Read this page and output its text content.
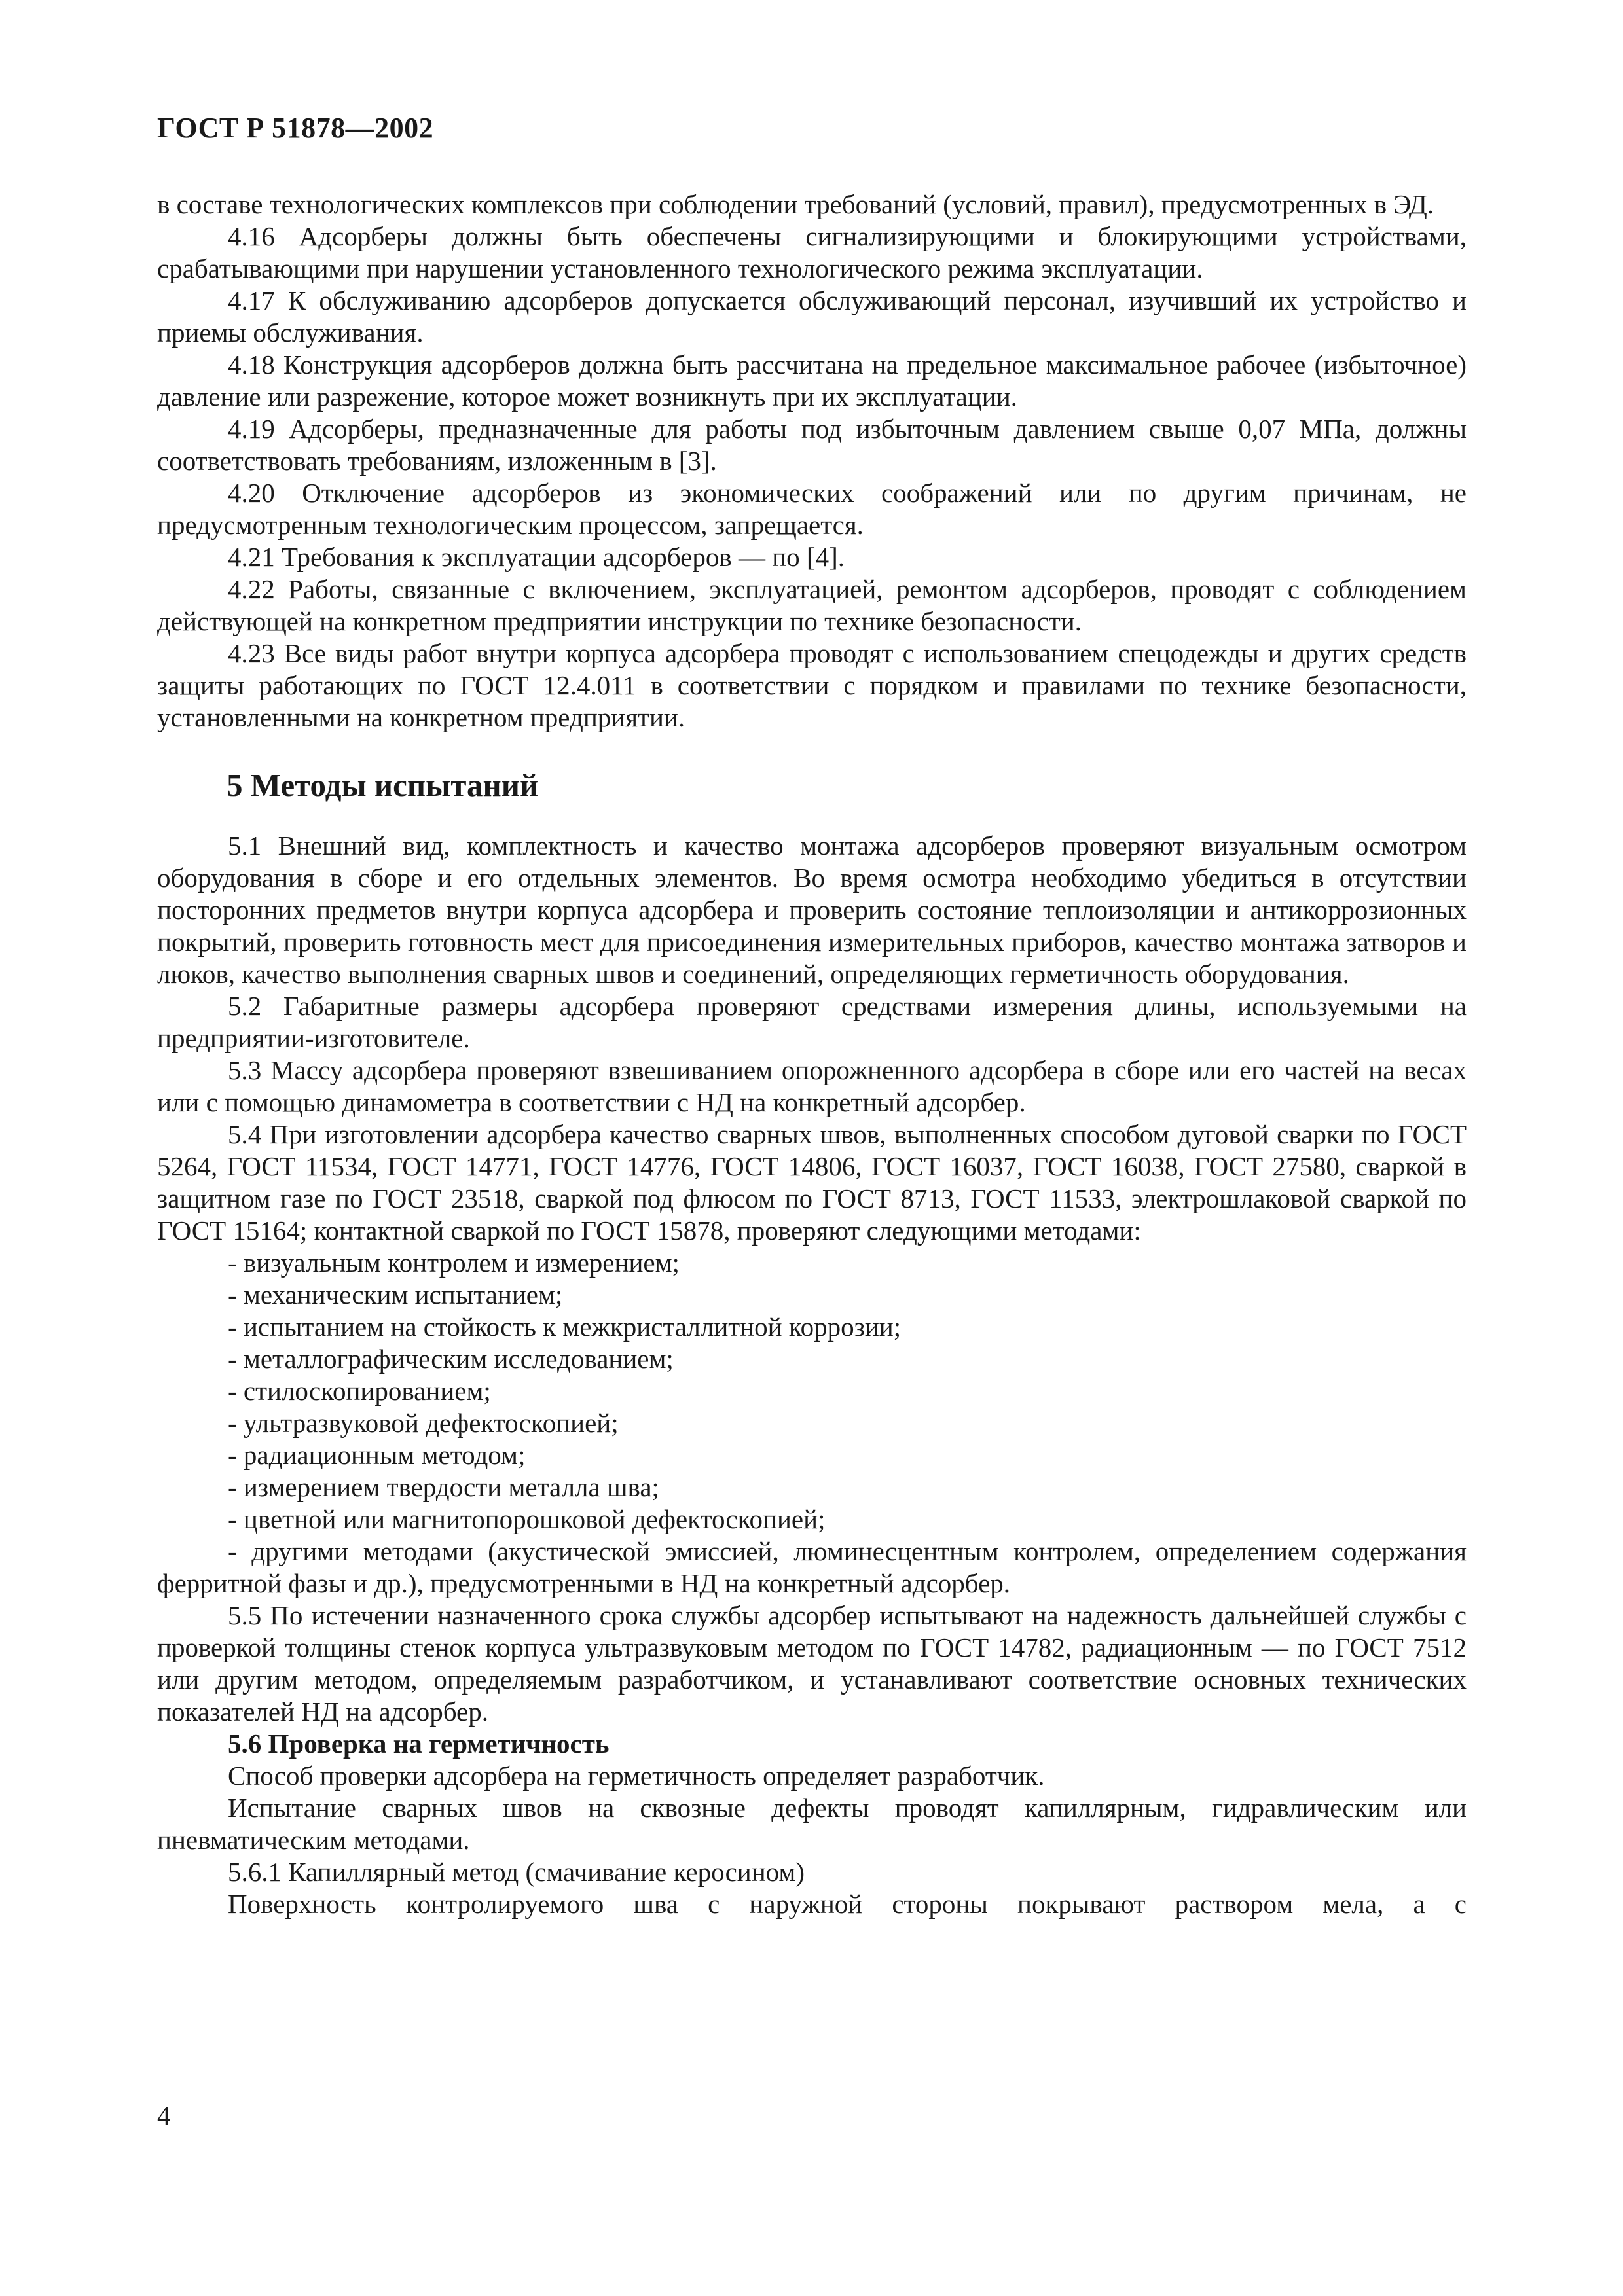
ГОСТ Р 51878—2002

в составе технологических комплексов при соблюдении требований (условий, правил), предусмотренных в ЭД.

4.16 Адсорберы должны быть обеспечены сигнализирующими и блокирующими устройствами, срабатывающими при нарушении установленного технологического режима эксплуатации.

4.17 К обслуживанию адсорберов допускается обслуживающий персонал, изучивший их устройство и приемы обслуживания.

4.18 Конструкция адсорберов должна быть рассчитана на предельное максимальное рабочее (избыточное) давление или разрежение, которое может возникнуть при их эксплуатации.

4.19 Адсорберы, предназначенные для работы под избыточным давлением свыше 0,07 МПа, должны соответствовать требованиям, изложенным в [3].

4.20 Отключение адсорберов из экономических соображений или по другим причинам, не предусмотренным технологическим процессом, запрещается.

4.21 Требования к эксплуатации адсорберов — по [4].

4.22 Работы, связанные с включением, эксплуатацией, ремонтом адсорберов, проводят с соблюдением действующей на конкретном предприятии инструкции по технике безопасности.

4.23 Все виды работ внутри корпуса адсорбера проводят с использованием спецодежды и других средств защиты работающих по ГОСТ 12.4.011 в соответствии с порядком и правилами по технике безопасности, установленными на конкретном предприятии.

5 Методы испытаний

5.1 Внешний вид, комплектность и качество монтажа адсорберов проверяют визуальным осмотром оборудования в сборе и его отдельных элементов. Во время осмотра необходимо убедиться в отсутствии посторонних предметов внутри корпуса адсорбера и проверить состояние теплоизоляции и антикоррозионных покрытий, проверить готовность мест для присоединения измерительных приборов, качество монтажа затворов и люков, качество выполнения сварных швов и соединений, определяющих герметичность оборудования.

5.2 Габаритные размеры адсорбера проверяют средствами измерения длины, используемыми на предприятии-изготовителе.

5.3 Массу адсорбера проверяют взвешиванием опорожненного адсорбера в сборе или его частей на весах или с помощью динамометра в соответствии с НД на конкретный адсорбер.

5.4 При изготовлении адсорбера качество сварных швов, выполненных способом дуговой сварки по ГОСТ 5264, ГОСТ 11534, ГОСТ 14771, ГОСТ 14776, ГОСТ 14806, ГОСТ 16037, ГОСТ 16038, ГОСТ 27580, сваркой в защитном газе по ГОСТ 23518, сваркой под флюсом по ГОСТ 8713, ГОСТ 11533, электрошлаковой сваркой по ГОСТ 15164; контактной сваркой по ГОСТ 15878, проверяют следующими методами:

- визуальным контролем и измерением;
- механическим испытанием;
- испытанием на стойкость к межкристаллитной коррозии;
- металлографическим исследованием;
- стилоскопированием;
- ультразвуковой дефектоскопией;
- радиационным методом;
- измерением твердости металла шва;
- цветной или магнитопорошковой дефектоскопией;

- другими методами (акустической эмиссией, люминесцентным контролем, определением содержания ферритной фазы и др.), предусмотренными в НД на конкретный адсорбер.

5.5 По истечении назначенного срока службы адсорбер испытывают на надежность дальнейшей службы с проверкой толщины стенок корпуса ультразвуковым методом по ГОСТ 14782, радиационным — по ГОСТ 7512 или другим методом, определяемым разработчиком, и устанавливают соответствие основных технических показателей НД на адсорбер.

5.6 Проверка на герметичность

Способ проверки адсорбера на герметичность определяет разработчик.

Испытание сварных швов на сквозные дефекты проводят капиллярным, гидравлическим или пневматическим методами.

5.6.1 Капиллярный метод (смачивание керосином)

Поверхность контролируемого шва с наружной стороны покрывают раствором мела, а с

4
